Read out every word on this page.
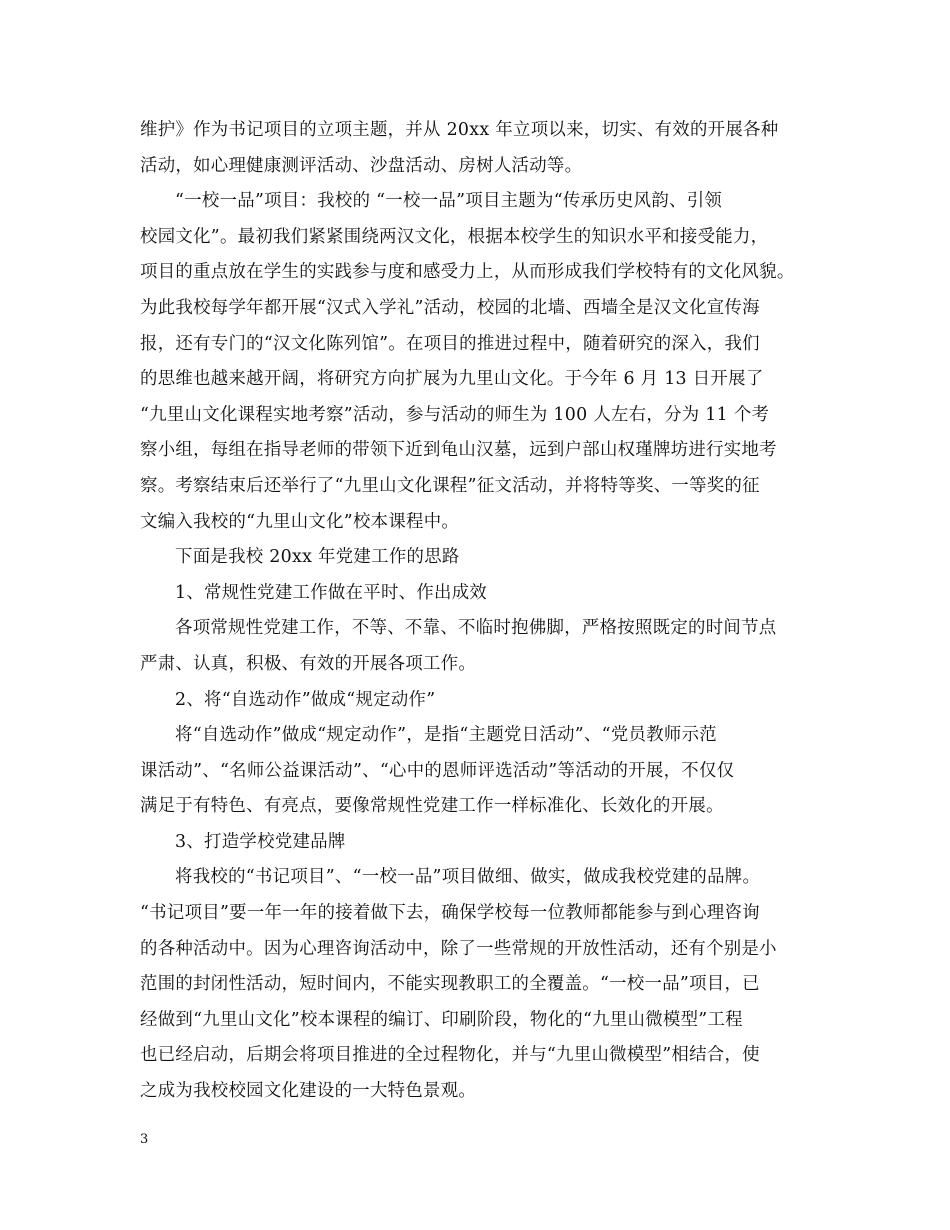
维护》作为书记项目的立项主题，并从 20xx 年立项以来，切实、有效的开展各种
活动，如心理健康测评活动、沙盘活动、房树人活动等。
“一校一品”项目：我校的 “一校一品”项目主题为“传承历史风韵、引领
校园文化”。最初我们紧紧围绕两汉文化，根据本校学生的知识水平和接受能力，
项目的重点放在学生的实践参与度和感受力上，从而形成我们学校特有的文化风貌。
为此我校每学年都开展“汉式入学礼”活动，校园的北墙、西墙全是汉文化宣传海
报，还有专门的“汉文化陈列馆”。在项目的推进过程中，随着研究的深入，我们
的思维也越来越开阔，将研究方向扩展为九里山文化。于今年 6 月 13 日开展了
“九里山文化课程实地考察”活动，参与活动的师生为 100 人左右，分为 11 个考
察小组，每组在指导老师的带领下近到龟山汉墓，远到户部山权瑾牌坊进行实地考
察。考察结束后还举行了“九里山文化课程”征文活动，并将特等奖、一等奖的征
文编入我校的“九里山文化”校本课程中。
下面是我校 20xx 年党建工作的思路
1、常规性党建工作做在平时、作出成效
各项常规性党建工作，不等、不靠、不临时抱佛脚，严格按照既定的时间节点
严肃、认真，积极、有效的开展各项工作。
2、将“自选动作”做成“规定动作”
将“自选动作”做成“规定动作”，是指“主题党日活动”、“党员教师示范
课活动”、“名师公益课活动”、“心中的恩师评选活动”等活动的开展，不仅仅
满足于有特色、有亮点，要像常规性党建工作一样标准化、长效化的开展。
3、打造学校党建品牌
将我校的“书记项目”、“一校一品”项目做细、做实，做成我校党建的品牌。
“书记项目”要一年一年的接着做下去，确保学校每一位教师都能参与到心理咨询
的各种活动中。因为心理咨询活动中，除了一些常规的开放性活动，还有个别是小
范围的封闭性活动，短时间内，不能实现教职工的全覆盖。“一校一品”项目，已
经做到“九里山文化”校本课程的编订、印刷阶段，物化的“九里山微模型”工程
也已经启动，后期会将项目推进的全过程物化，并与“九里山微模型”相结合，使
之成为我校校园文化建设的一大特色景观。
3
